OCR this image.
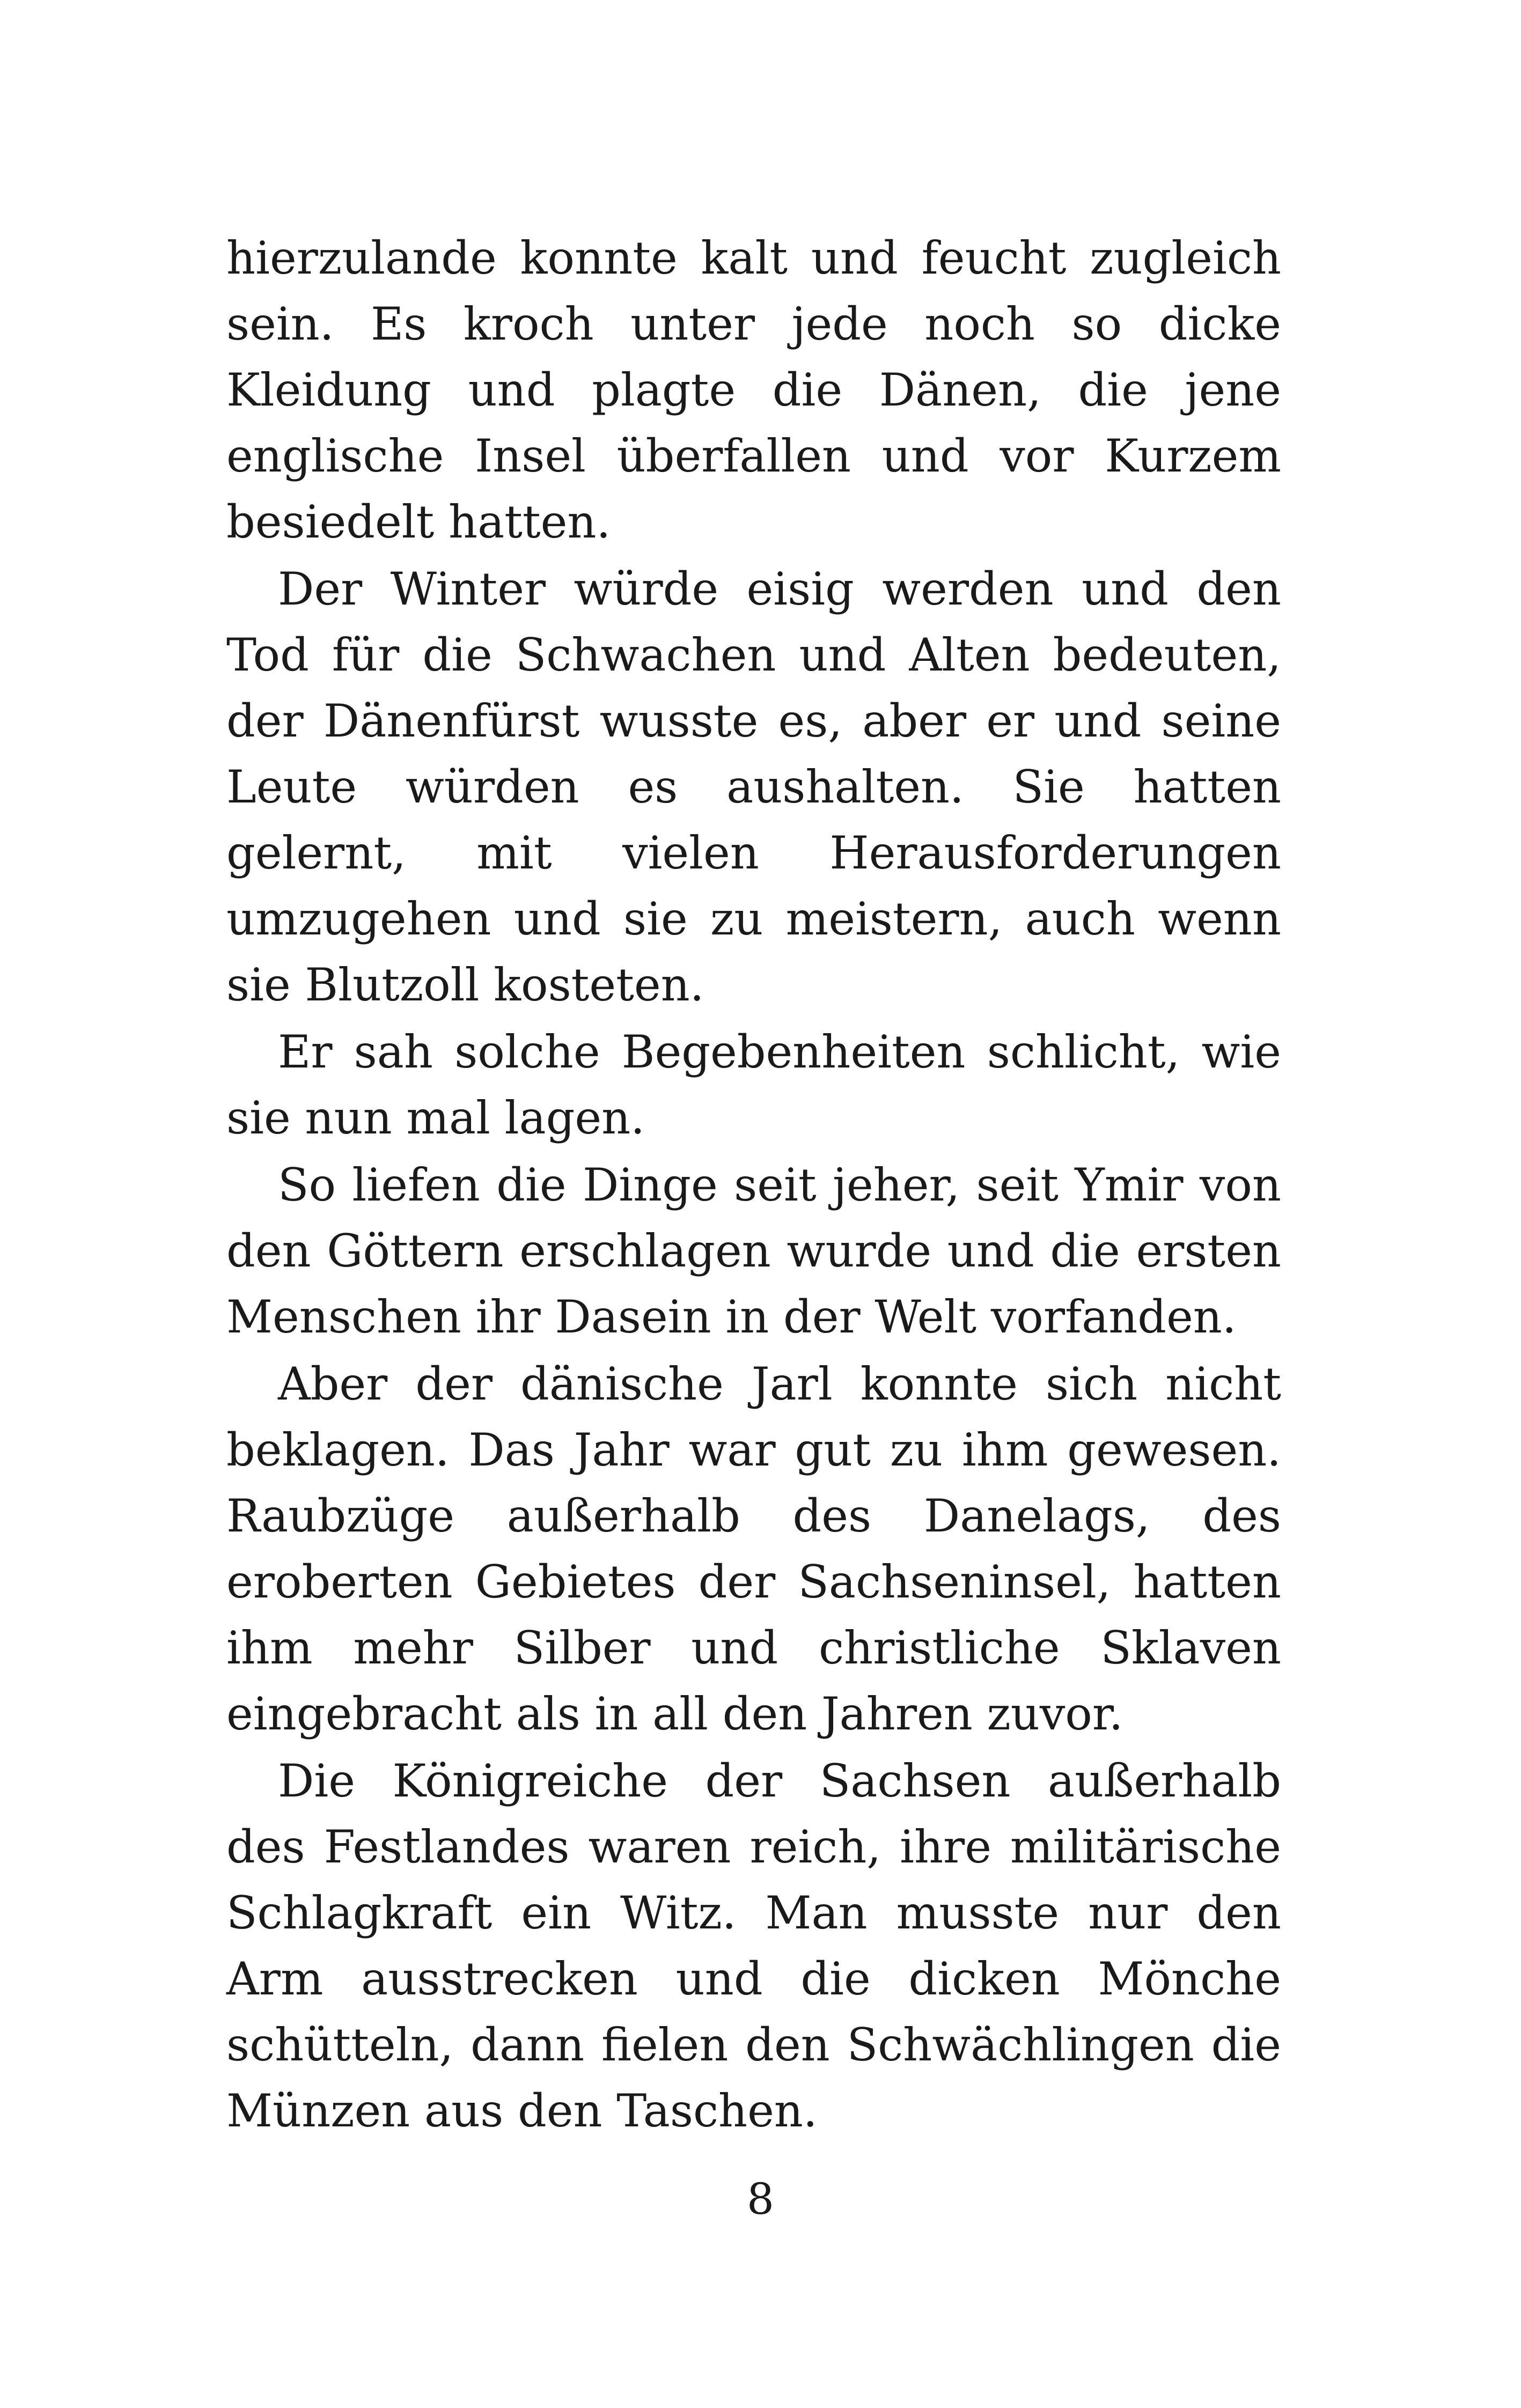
hierzulande konnte kalt und feucht zugleich sein. Es kroch unter jede noch so dicke Kleidung und plagte die Dänen, die jene englische Insel überfallen und vor Kurzem besiedelt hatten.

Der Winter würde eisig werden und den Tod für die Schwachen und Alten bedeuten, der Dänenfürst wusste es, aber er und seine Leute würden es aushalten. Sie hatten gelernt, mit vielen Herausforderungen umzugehen und sie zu meistern, auch wenn sie Blutzoll kosteten.

Er sah solche Begebenheiten schlicht, wie sie nun mal lagen.

So liefen die Dinge seit jeher, seit Ymir von den Göttern erschlagen wurde und die ersten Menschen ihr Dasein in der Welt vorfanden.

Aber der dänische Jarl konnte sich nicht beklagen. Das Jahr war gut zu ihm gewesen. Raubzüge außerhalb des Danelags, des eroberten Gebietes der Sachseninsel, hatten ihm mehr Silber und christliche Sklaven eingebracht als in all den Jahren zuvor.

Die Königreiche der Sachsen außerhalb des Festlandes waren reich, ihre militärische Schlagkraft ein Witz. Man musste nur den Arm ausstrecken und die dicken Mönche schütteln, dann fielen den Schwächlingen die Münzen aus den Taschen.

8
